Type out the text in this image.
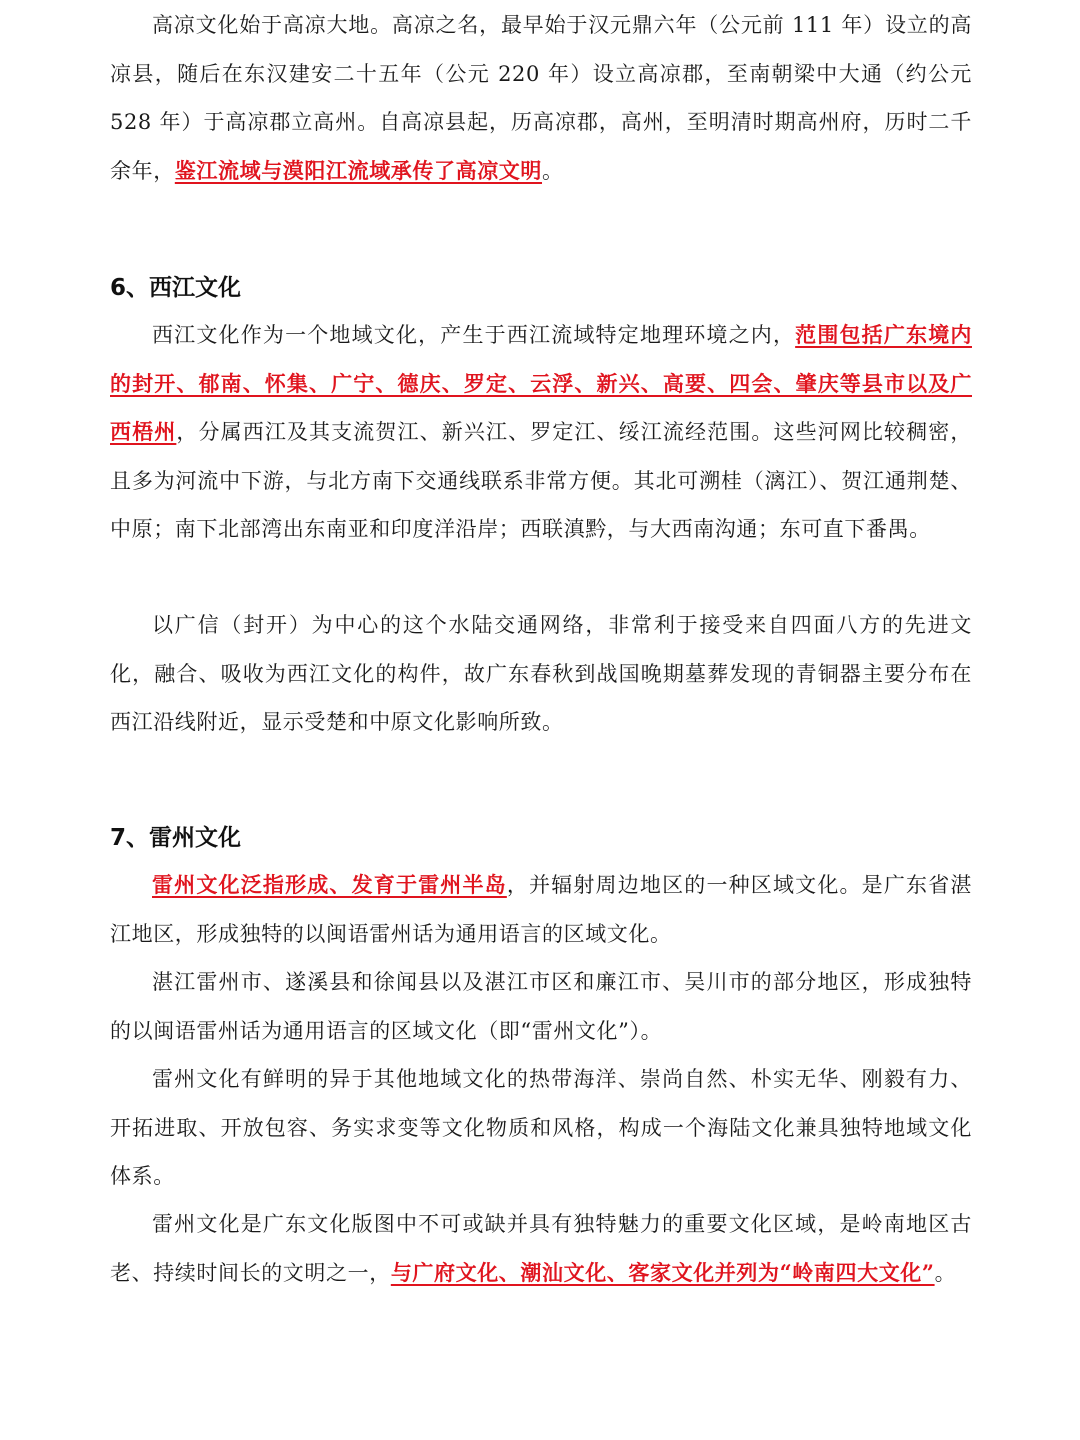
高凉文化始于高凉大地。高凉之名，最早始于汉元鼎六年（公元前 111 年）设立的高凉县，随后在东汉建安二十五年（公元 220 年）设立高凉郡，至南朝梁中大通（约公元 528 年）于高凉郡立高州。自高凉县起，历高凉郡，高州，至明清时期高州府，历时二千余年，鉴江流域与漠阳江流域承传了高凉文明。

6、西江文化

西江文化作为一个地域文化，产生于西江流域特定地理环境之内，范围包括广东境内的封开、郁南、怀集、广宁、德庆、罗定、云浮、新兴、高要、四会、肇庆等县市以及广西梧州，分属西江及其支流贺江、新兴江、罗定江、绥江流经范围。这些河网比较稠密，且多为河流中下游，与北方南下交通线联系非常方便。其北可溯桂（漓江）、贺江通荆楚、中原；南下北部湾出东南亚和印度洋沿岸；西联滇黔，与大西南沟通；东可直下番禺。

以广信（封开）为中心的这个水陆交通网络，非常利于接受来自四面八方的先进文化，融合、吸收为西江文化的构件，故广东春秋到战国晚期墓葬发现的青铜器主要分布在西江沿线附近，显示受楚和中原文化影响所致。

7、雷州文化

雷州文化泛指形成、发育于雷州半岛，并辐射周边地区的一种区域文化。是广东省湛江地区，形成独特的以闽语雷州话为通用语言的区域文化。

湛江雷州市、遂溪县和徐闻县以及湛江市区和廉江市、吴川市的部分地区，形成独特的以闽语雷州话为通用语言的区域文化（即“雷州文化”）。

雷州文化有鲜明的异于其他地域文化的热带海洋、崇尚自然、朴实无华、刚毅有力、开拓进取、开放包容、务实求变等文化物质和风格，构成一个海陆文化兼具独特地域文化体系。

雷州文化是广东文化版图中不可或缺并具有独特魅力的重要文化区域，是岭南地区古老、持续时间长的文明之一，与广府文化、潮汕文化、客家文化并列为“岭南四大文化”。
